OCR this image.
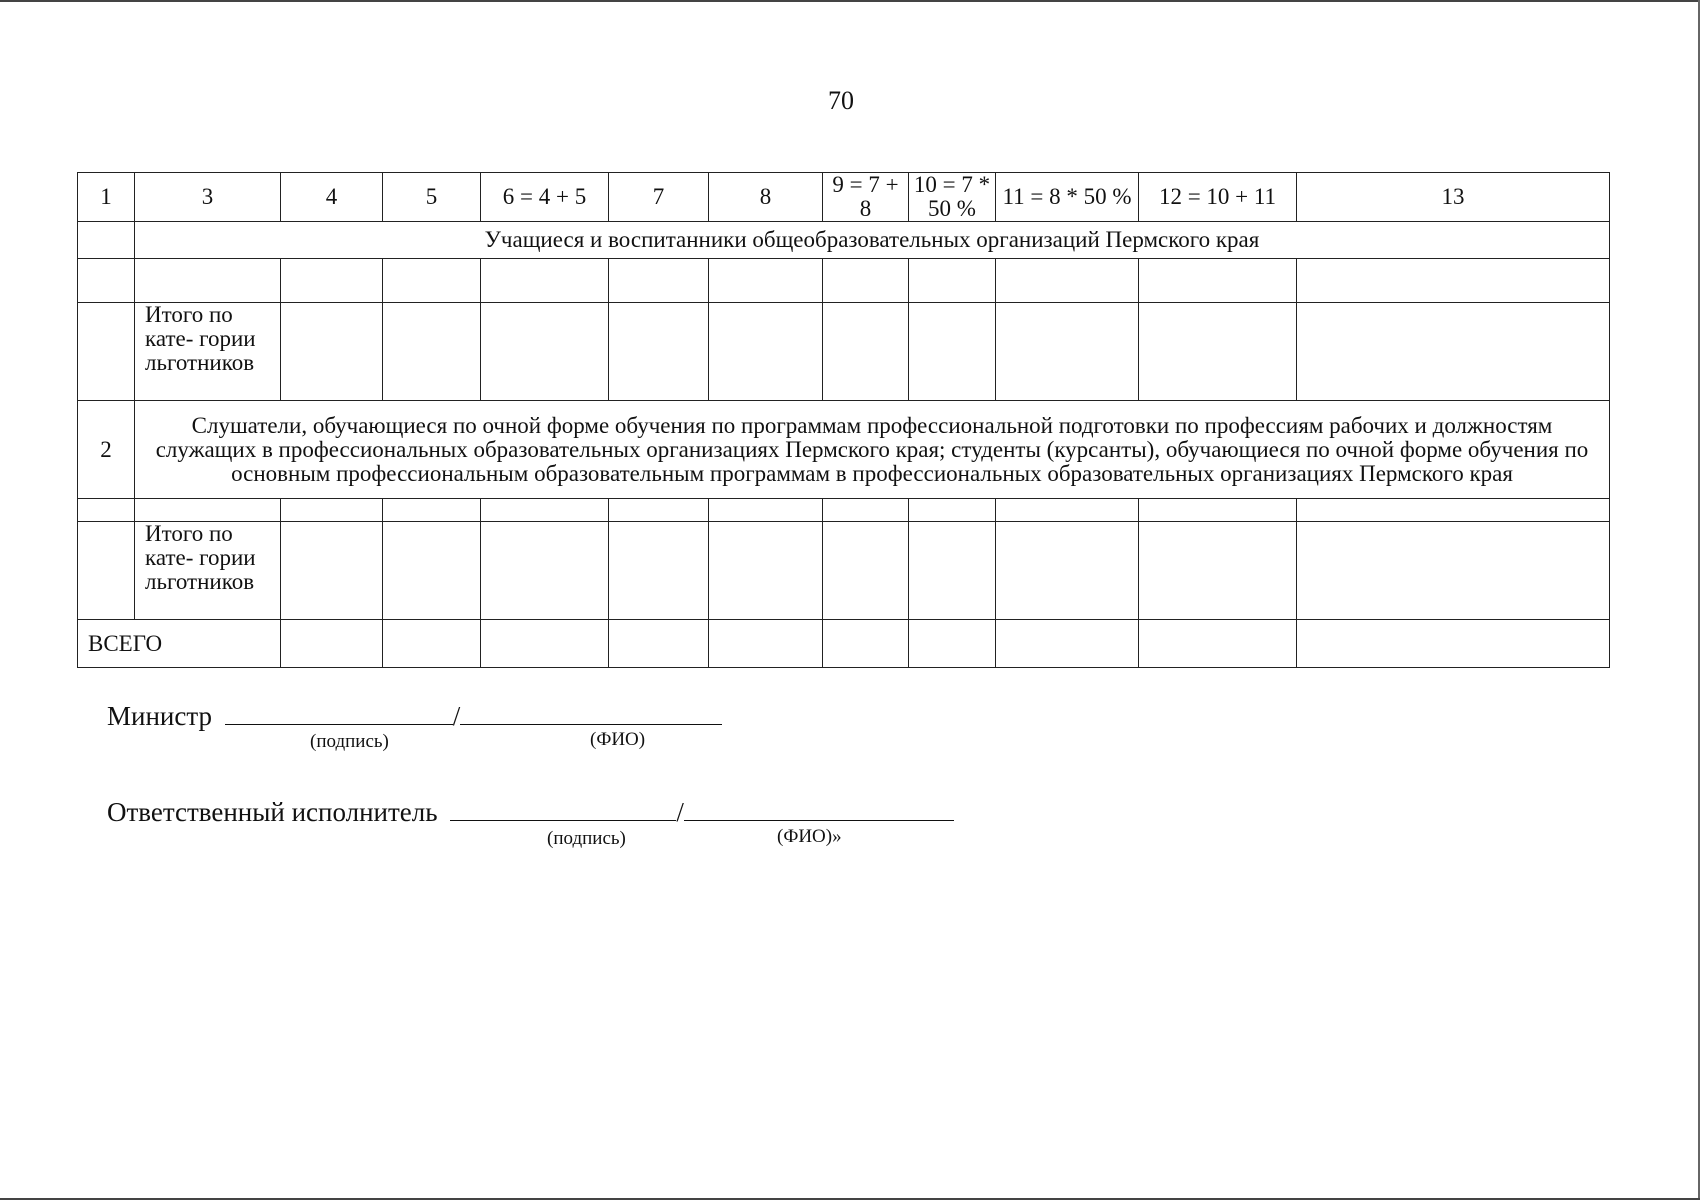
70
1	3	4	5	6 = 4 + 5	7	8	9 = 7 + 8	10 = 7 * 50 %	11 = 8 * 50 %	12 = 10 + 11	13
	Учащиеся и воспитанники общеобразовательных организаций Пермского края										

	Итого по кате- гории льготников										
2	Слушатели, обучающиеся по очной форме обучения по программам профессиональной подготовки по профессиям рабочих и должностям служащих в профессиональных образовательных организациях Пермского края; студенты (курсанты), обучающиеся по очной форме обучения по основным профессиональным образовательным программам в профессиональных образовательных организациях Пермского края										

	Итого по кате- гории льготников										
ВСЕГО											
Министр	/
(подпись)	(ФИО)
Ответственный исполнитель	/
(подпись)	(ФИО)»
